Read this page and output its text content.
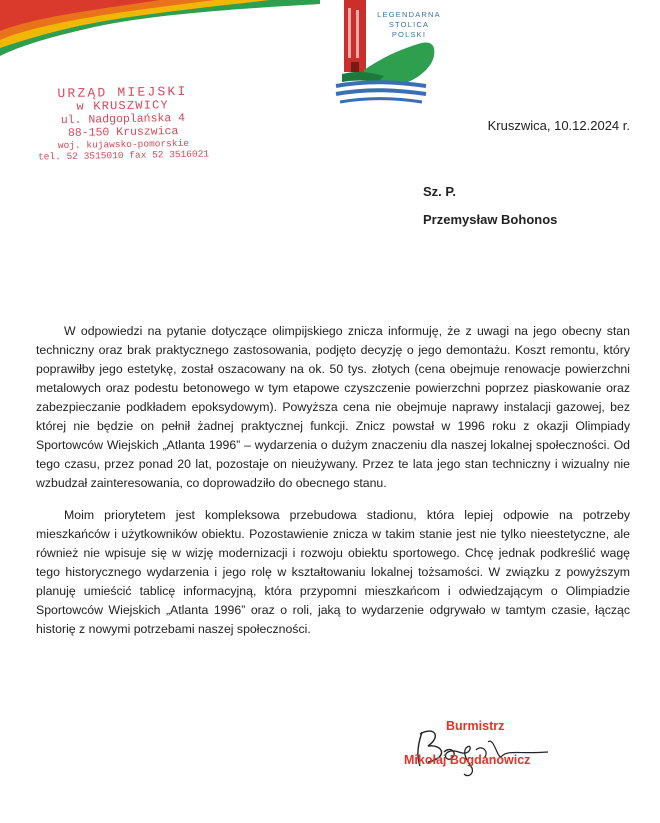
LEGENDARNA
STOLICA
POLSKI
URZĄD MIEJSKI
w KRUSZWICY
ul. Nadgoplańska 4
88-150 Kruszwica
woj. kujawsko-pomorskie
tel. 52 3515010 fax 52 3516021
Kruszwica, 10.12.2024 r.
Sz. P.
Przemysław Bohonos

W odpowiedzi na pytanie dotyczące olimpijskiego znicza informuję, że z uwagi na jego obecny stan techniczny oraz brak praktycznego zastosowania, podjęto decyzję o jego demontażu. Koszt remontu, który poprawiłby jego estetykę, został oszacowany na ok. 50 tys. złotych (cena obejmuje renowacje powierzchni metalowych oraz podestu betonowego w tym etapowe czyszczenie powierzchni poprzez piaskowanie oraz zabezpieczanie podkładem epoksydowym). Powyższa cena nie obejmuje naprawy instalacji gazowej, bez której nie będzie on pełnił żadnej praktycznej funkcji. Znicz powstał w 1996 roku z okazji Olimpiady Sportowców Wiejskich „Atlanta 1996” – wydarzenia o dużym znaczeniu dla naszej lokalnej społeczności. Od tego czasu, przez ponad 20 lat, pozostaje on nieużywany. Przez te lata jego stan techniczny i wizualny nie wzbudzał zainteresowania, co doprowadziło do obecnego stanu.

Moim priorytetem jest kompleksowa przebudowa stadionu, która lepiej odpowie na potrzeby mieszkańców i użytkowników obiektu. Pozostawienie znicza w takim stanie jest nie tylko nieestetyczne, ale również nie wpisuje się w wizję modernizacji i rozwoju obiektu sportowego. Chcę jednak podkreślić wagę tego historycznego wydarzenia i jego rolę w kształtowaniu lokalnej tożsamości. W związku z powyższym planuję umieścić tablicę informacyjną, która przypomni mieszkańcom i odwiedzającym o Olimpiadzie Sportowców Wiejskich „Atlanta 1996” oraz o roli, jaką to wydarzenie odgrywało w tamtym czasie, łącząc historię z nowymi potrzebami naszej społeczności.

Burmistrz
Mikołaj Bogdanowicz
